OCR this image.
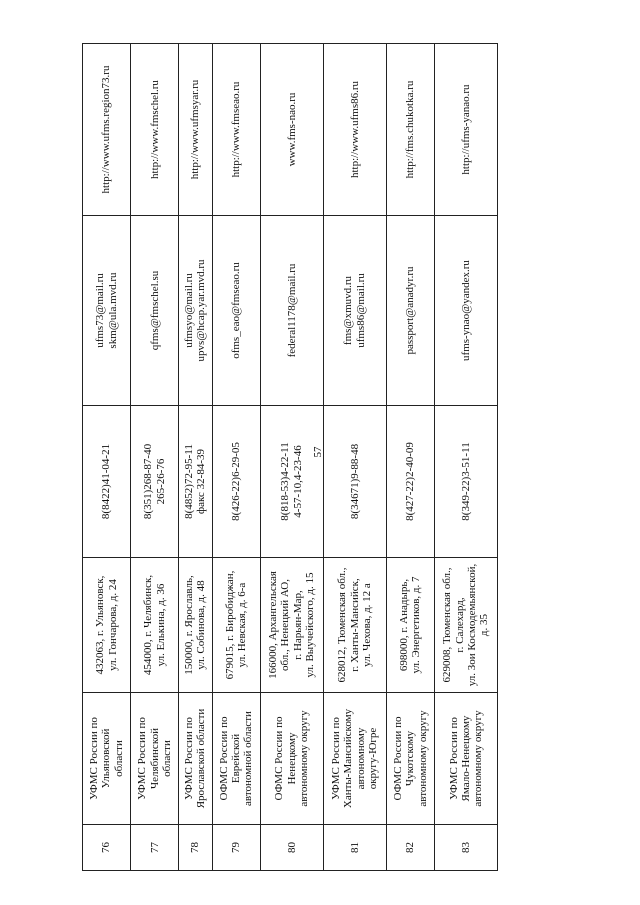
57
76	УФМС России по Ульяновской области	432063, г. Ульяновск, ул. Гончарова, д. 24	8(8422)41-04-21	ufms73@mail.ru skm@ula.mvd.ru	http://www.ufms.region73.ru
77	УФМС России по Челябинской области	454000, г. Челябинск, ул. Елькина, д. 36	8(351)268-87-40 265-26-76	qfms@fmschel.su	http://www.fmschel.ru
78	УФМС России по Ярославской области	150000, г. Ярославль, ул. Собинова, д. 48	8(4852)72-95-11 факс 32-84-39	ufmsyo@mail.ru upvs@hcap.yar.mvd.ru	http://www.ufmsyar.ru
79	ОФМС России по Еврейской автономной области	679015, г. Биробиджан, ул. Невская, д. 6-а	8(426-22)6-29-05	ofms_eao@fmseao.ru	http://www.fmseao.ru
80	ОФМС России по Ненецкому автономному округу	166000, Архангельская обл., Ненецкий АО, г. Нарьян-Мар, ул. Выучейского, д. 15	8(818-53)4-22-11 4-57-10,4-23-46	federal1178@mail.ru	www.fms-nao.ru
81	УФМС России по Ханты-Мансийскому автономному округу-Югре	628012, Тюменская обл., г. Ханты-Мансийск, ул. Чехова, д. 12 а	8(34671)9-88-48	fms@xmuvd.ru ufms86@mail.ru	http://www.ufms86.ru
82	ОФМС России по Чукотскому автономному округу	698000, г. Анадырь, ул. Энергетиков, д. 7	8(427-22)2-40-09	passport@anadyr.ru	http://fms.chukotka.ru
83	УФМС России по Ямало-Ненецкому автономному округу	629008, Тюменская обл., г. Салехард, ул. Зои Космодемьянской, д. 35	8(349-22)3-51-11	ufms-ynao@yandex.ru	http://ufms-yanao.ru
